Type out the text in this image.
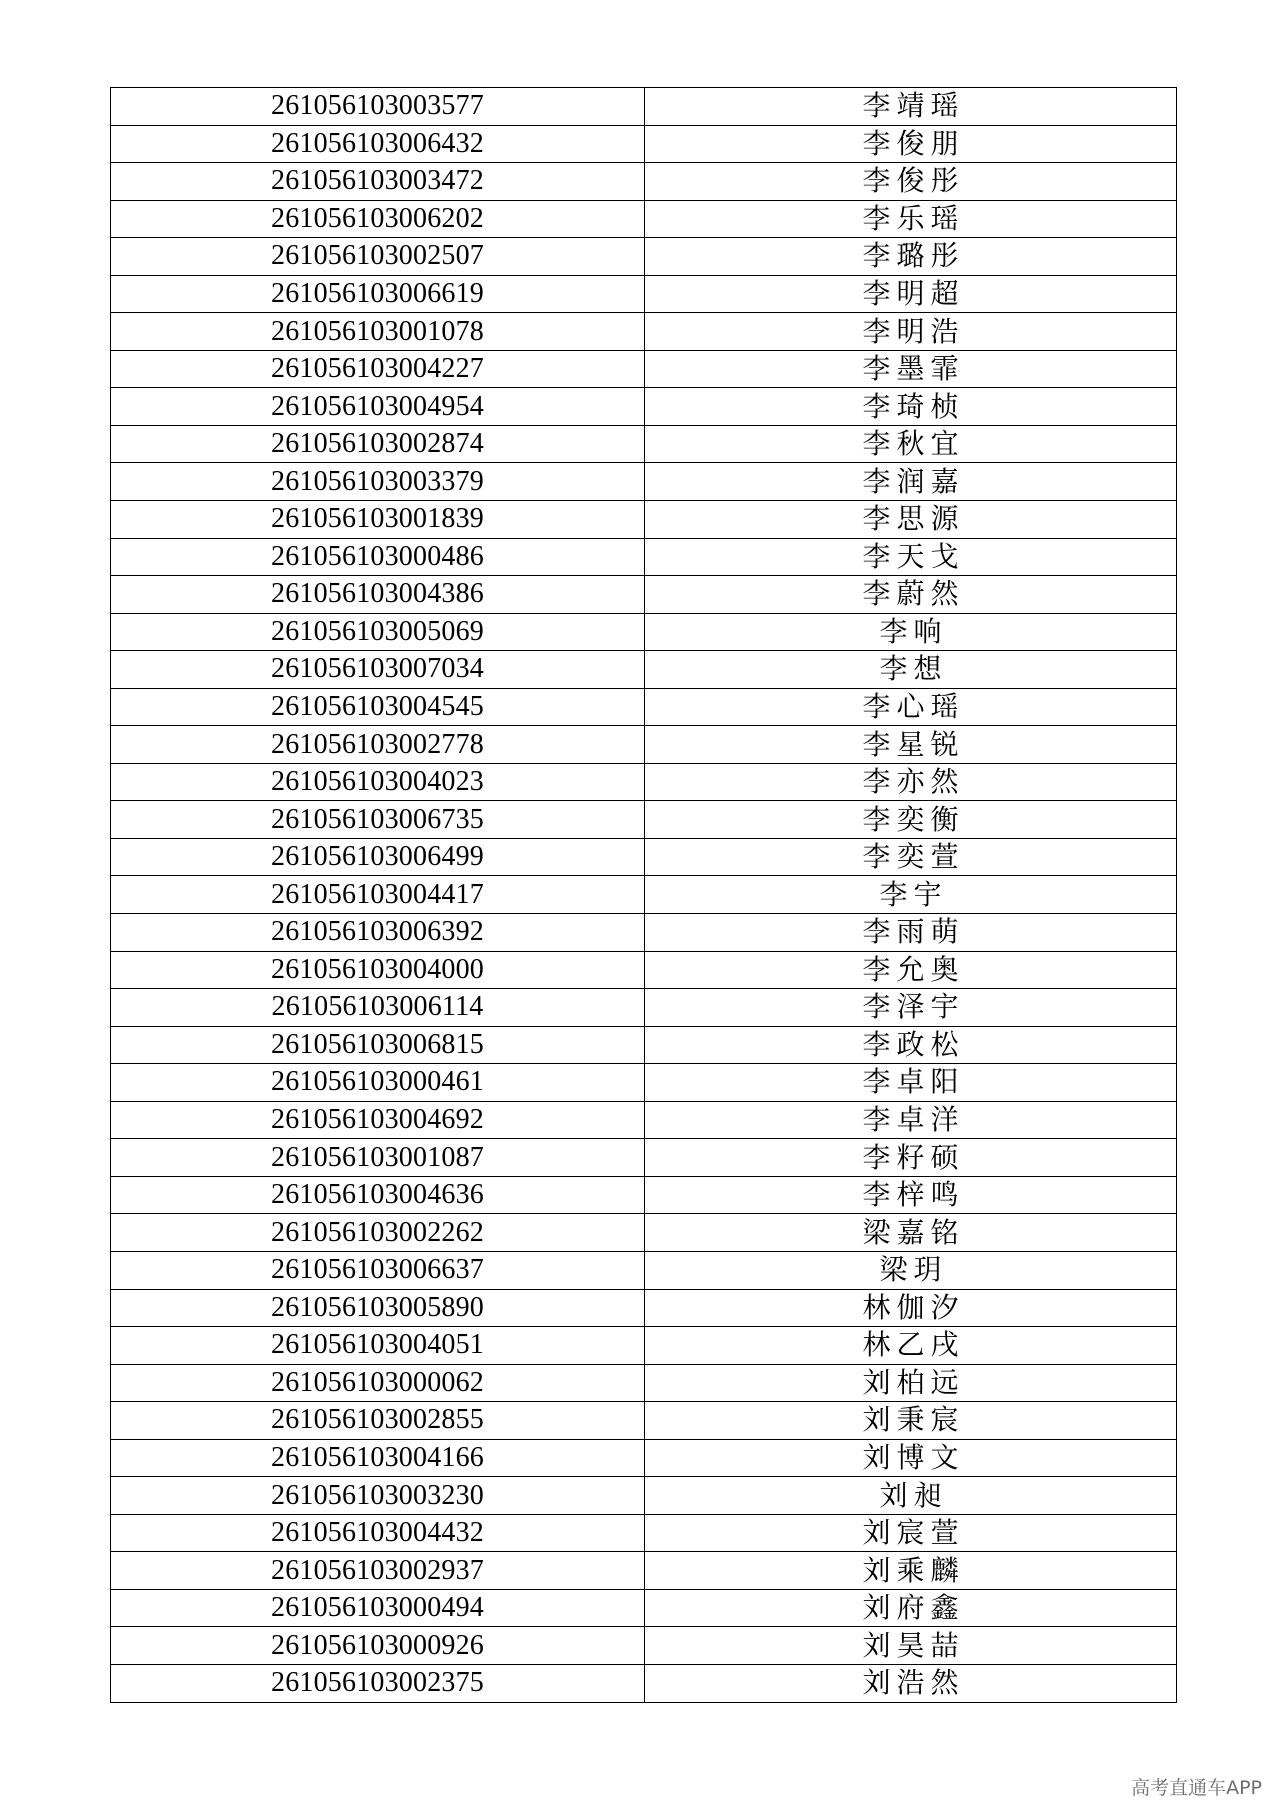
261056103003577	李靖瑶
261056103006432	李俊朋
261056103003472	李俊彤
261056103006202	李乐瑶
261056103002507	李璐彤
261056103006619	李明超
261056103001078	李明浩
261056103004227	李墨霏
261056103004954	李琦桢
261056103002874	李秋宜
261056103003379	李润嘉
261056103001839	李思源
261056103000486	李天戈
261056103004386	李蔚然
261056103005069	李响
261056103007034	李想
261056103004545	李心瑶
261056103002778	李星锐
261056103004023	李亦然
261056103006735	李奕衡
261056103006499	李奕萱
261056103004417	李宇
261056103006392	李雨萌
261056103004000	李允奥
261056103006114	李泽宇
261056103006815	李政松
261056103000461	李卓阳
261056103004692	李卓洋
261056103001087	李籽硕
261056103004636	李梓鸣
261056103002262	梁嘉铭
261056103006637	梁玥
261056103005890	林伽汐
261056103004051	林乙戌
261056103000062	刘柏远
261056103002855	刘秉宸
261056103004166	刘博文
261056103003230	刘昶
261056103004432	刘宸萱
261056103002937	刘乘麟
261056103000494	刘府鑫
261056103000926	刘昊喆
261056103002375	刘浩然
高考直通车APP
